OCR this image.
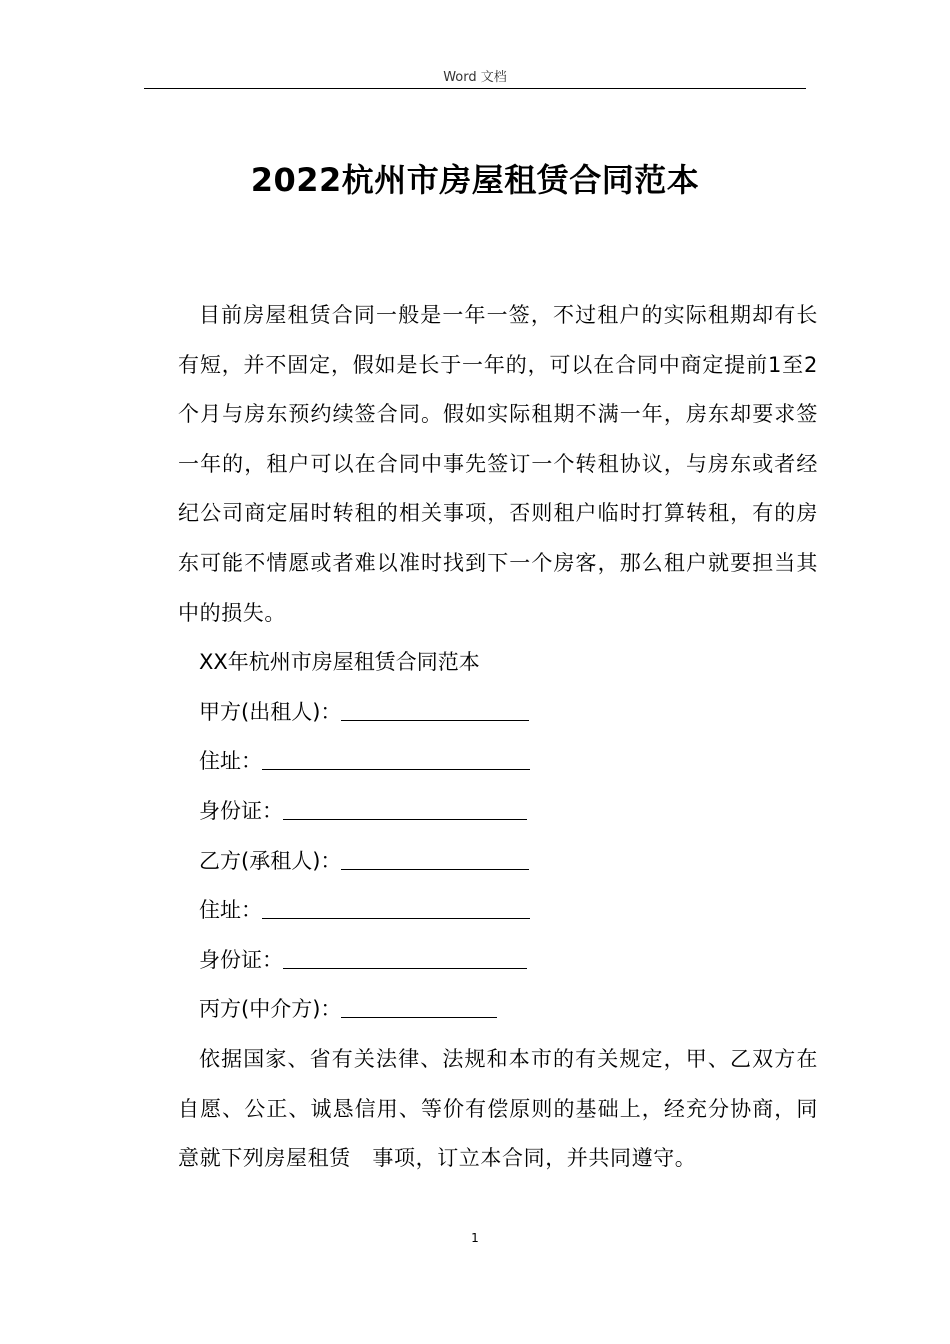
Word 文档
2022杭州市房屋租赁合同范本

目前房屋租赁合同一般是一年一签，不过租户的实际租期却有长有短，并不固定，假如是长于一年的，可以在合同中商定提前1至2个月与房东预约续签合同。假如实际租期不满一年，房东却要求签一年的，租户可以在合同中事先签订一个转租协议，与房东或者经纪公司商定届时转租的相关事项，否则租户临时打算转租，有的房东可能不情愿或者难以准时找到下一个房客，那么租户就要担当其中的损失。

XX年杭州市房屋租赁合同范本

甲方(出租人)：

住址：

身份证：

乙方(承租人)：

住址：

身份证：

丙方(中介方)：

依据国家、省有关法律、法规和本市的有关规定，甲、乙双方在自愿、公正、诚恳信用、等价有偿原则的基础上，经充分协商，同意就下列房屋租赁　事项，订立本合同，并共同遵守。

1
